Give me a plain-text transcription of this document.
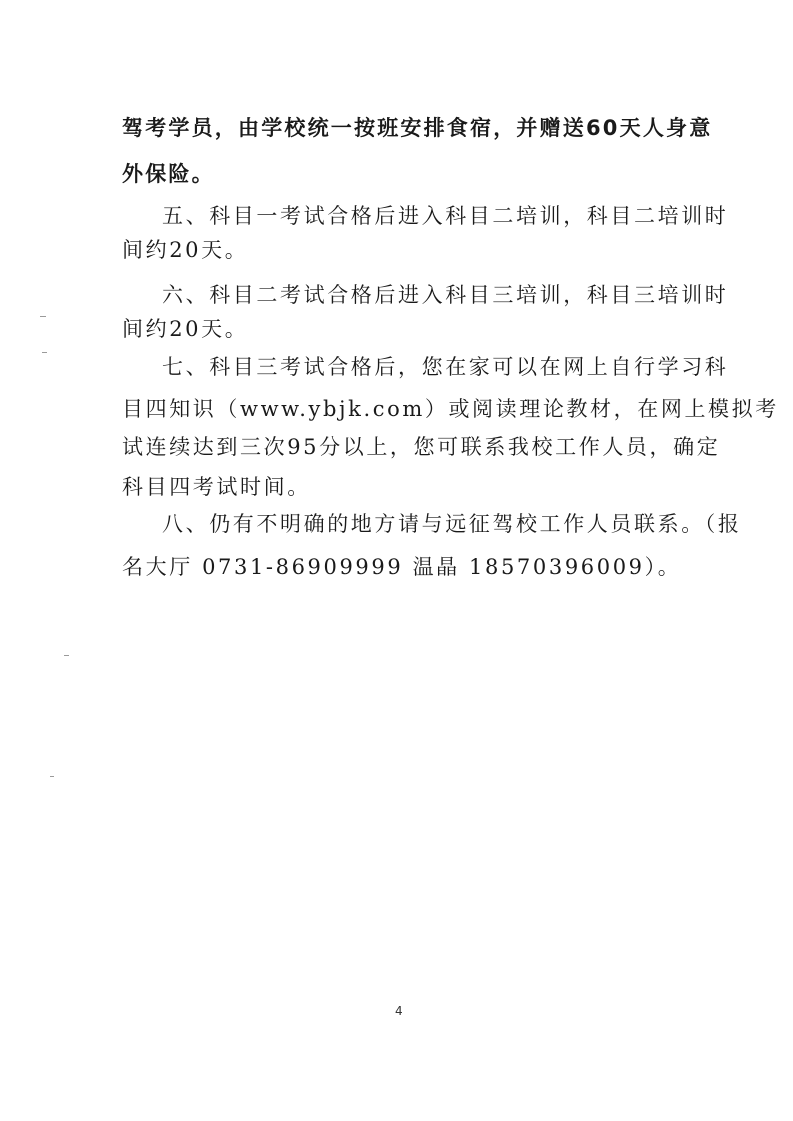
驾考学员，由学校统一按班安排食宿，并赠送60天人身意
外保险。
五、科目一考试合格后进入科目二培训，科目二培训时
间约20天。
六、科目二考试合格后进入科目三培训，科目三培训时
间约20天。
七、科目三考试合格后，您在家可以在网上自行学习科
目四知识（www.ybjk.com）或阅读理论教材，在网上模拟考
试连续达到三次95分以上，您可联系我校工作人员，确定
科目四考试时间。
八、仍有不明确的地方请与远征驾校工作人员联系。（报
名大厅 0731-86909999 温晶 18570396009）。
4
